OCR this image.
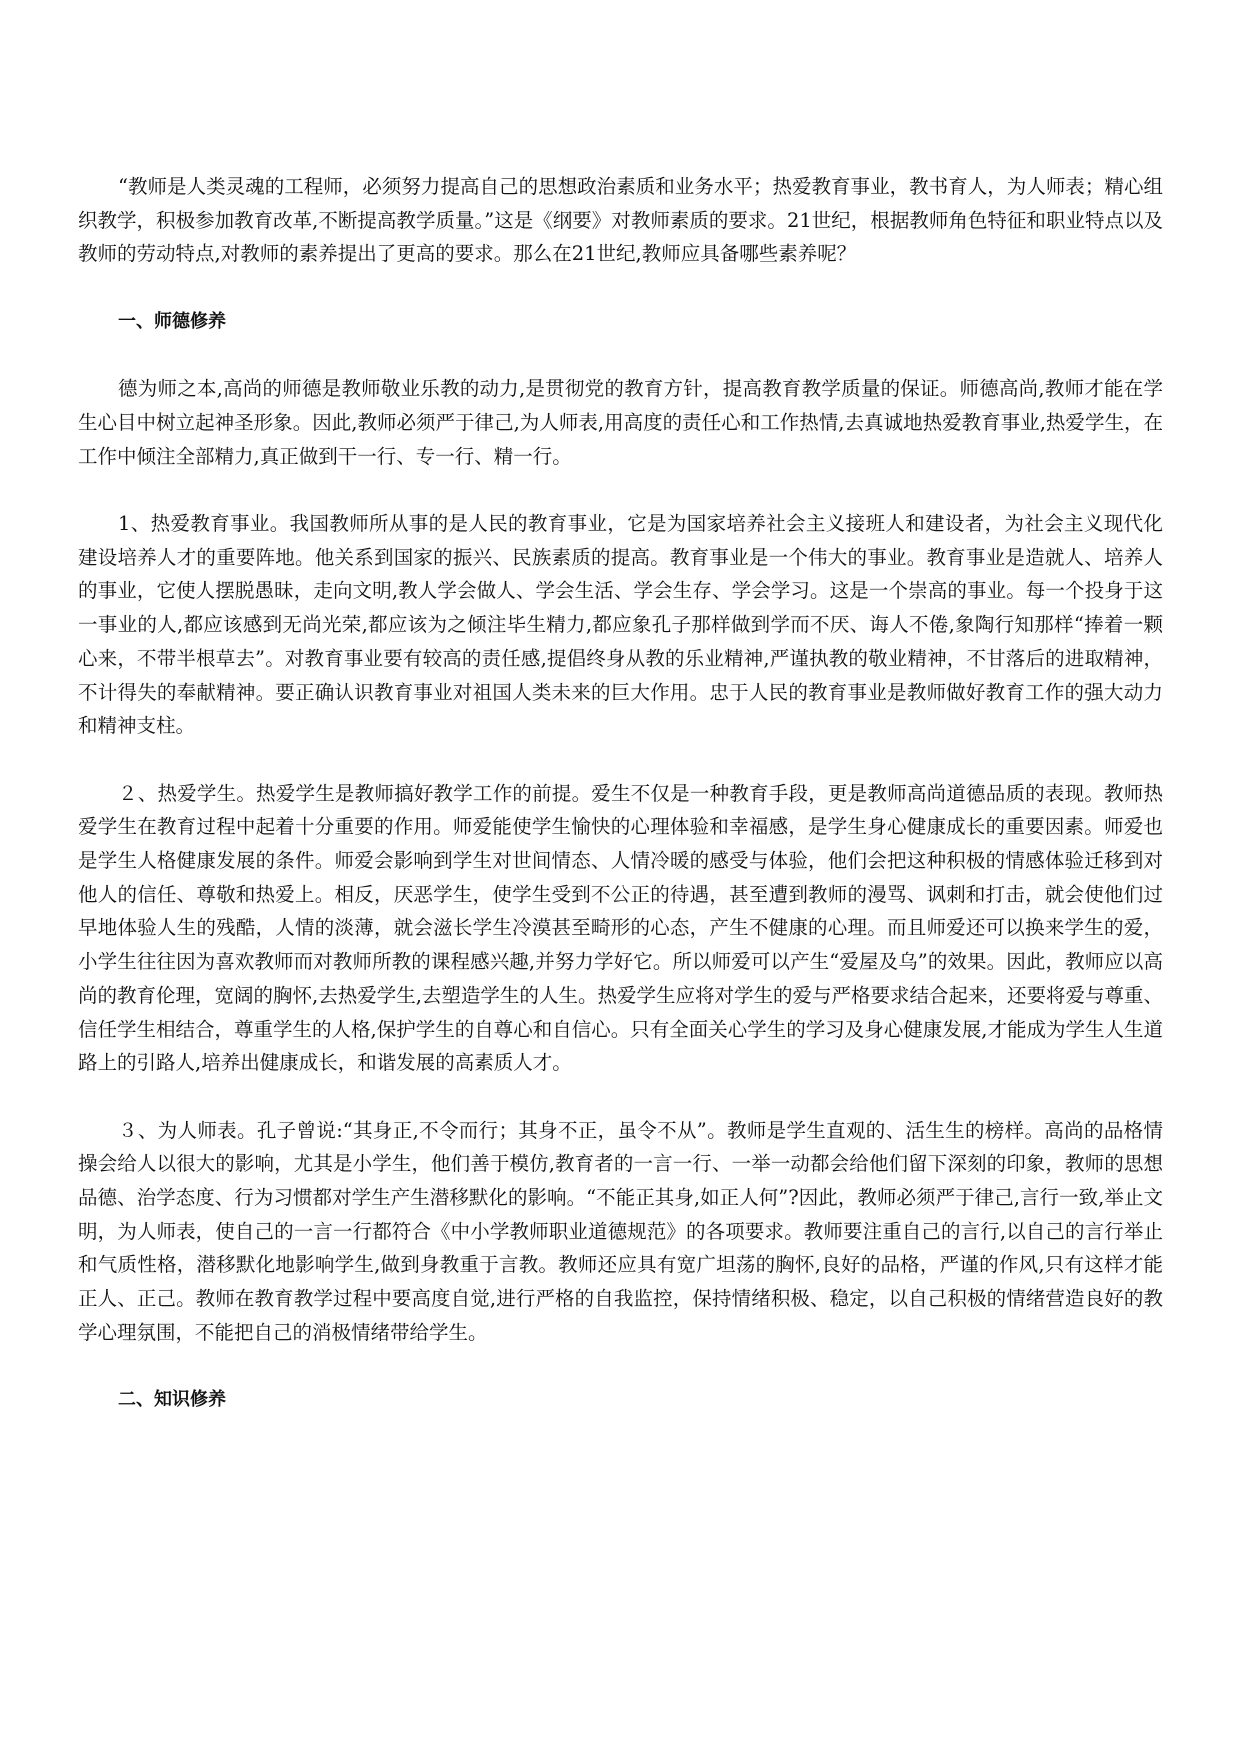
“教师是人类灵魂的工程师，必须努力提高自己的思想政治素质和业务水平；热爱教育事业，教书育人，为人师表；精心组织教学，积极参加教育改革,不断提高教学质量。”这是《纲要》对教师素质的要求。21世纪，根据教师角色特征和职业特点以及教师的劳动特点,对教师的素养提出了更高的要求。那么在21世纪,教师应具备哪些素养呢？

一、师德修养

德为师之本,高尚的师德是教师敬业乐教的动力,是贯彻党的教育方针，提高教育教学质量的保证。师德高尚,教师才能在学生心目中树立起神圣形象。因此,教师必须严于律己,为人师表,用高度的责任心和工作热情,去真诚地热爱教育事业,热爱学生，在工作中倾注全部精力,真正做到干一行、专一行、精一行。

1、热爱教育事业。我国教师所从事的是人民的教育事业，它是为国家培养社会主义接班人和建设者，为社会主义现代化建设培养人才的重要阵地。他关系到国家的振兴、民族素质的提高。教育事业是一个伟大的事业。教育事业是造就人、培养人的事业，它使人摆脱愚昧，走向文明,教人学会做人、学会生活、学会生存、学会学习。这是一个崇高的事业。每一个投身于这一事业的人,都应该感到无尚光荣,都应该为之倾注毕生精力,都应象孔子那样做到学而不厌、诲人不倦,象陶行知那样“捧着一颗心来，不带半根草去”。对教育事业要有较高的责任感,提倡终身从教的乐业精神,严谨执教的敬业精神，不甘落后的进取精神，不计得失的奉献精神。要正确认识教育事业对祖国人类未来的巨大作用。忠于人民的教育事业是教师做好教育工作的强大动力和精神支柱。

２、热爱学生。热爱学生是教师搞好教学工作的前提。爱生不仅是一种教育手段，更是教师高尚道德品质的表现。教师热爱学生在教育过程中起着十分重要的作用。师爱能使学生愉快的心理体验和幸福感，是学生身心健康成长的重要因素。师爱也是学生人格健康发展的条件。师爱会影响到学生对世间情态、人情冷暖的感受与体验，他们会把这种积极的情感体验迁移到对他人的信任、尊敬和热爱上。相反，厌恶学生，使学生受到不公正的待遇，甚至遭到教师的漫骂、讽刺和打击，就会使他们过早地体验人生的残酷，人情的淡薄，就会滋长学生冷漠甚至畸形的心态，产生不健康的心理。而且师爱还可以换来学生的爱，小学生往往因为喜欢教师而对教师所教的课程感兴趣,并努力学好它。所以师爱可以产生“爱屋及乌”的效果。因此，教师应以高尚的教育伦理，宽阔的胸怀,去热爱学生,去塑造学生的人生。热爱学生应将对学生的爱与严格要求结合起来，还要将爱与尊重、信任学生相结合，尊重学生的人格,保护学生的自尊心和自信心。只有全面关心学生的学习及身心健康发展,才能成为学生人生道路上的引路人,培养出健康成长，和谐发展的高素质人才。

３、为人师表。孔子曾说:“其身正,不令而行；其身不正，虽令不从”。教师是学生直观的、活生生的榜样。高尚的品格情操会给人以很大的影响，尤其是小学生，他们善于模仿,教育者的一言一行、一举一动都会给他们留下深刻的印象，教师的思想品德、治学态度、行为习惯都对学生产生潜移默化的影响。“不能正其身,如正人何”?因此，教师必须严于律己,言行一致,举止文明，为人师表，使自己的一言一行都符合《中小学教师职业道德规范》的各项要求。教师要注重自己的言行,以自己的言行举止和气质性格，潜移默化地影响学生,做到身教重于言教。教师还应具有宽广坦荡的胸怀,良好的品格，严谨的作风,只有这样才能正人、正己。教师在教育教学过程中要高度自觉,进行严格的自我监控，保持情绪积极、稳定，以自己积极的情绪营造良好的教学心理氛围，不能把自己的消极情绪带给学生。

二、知识修养
